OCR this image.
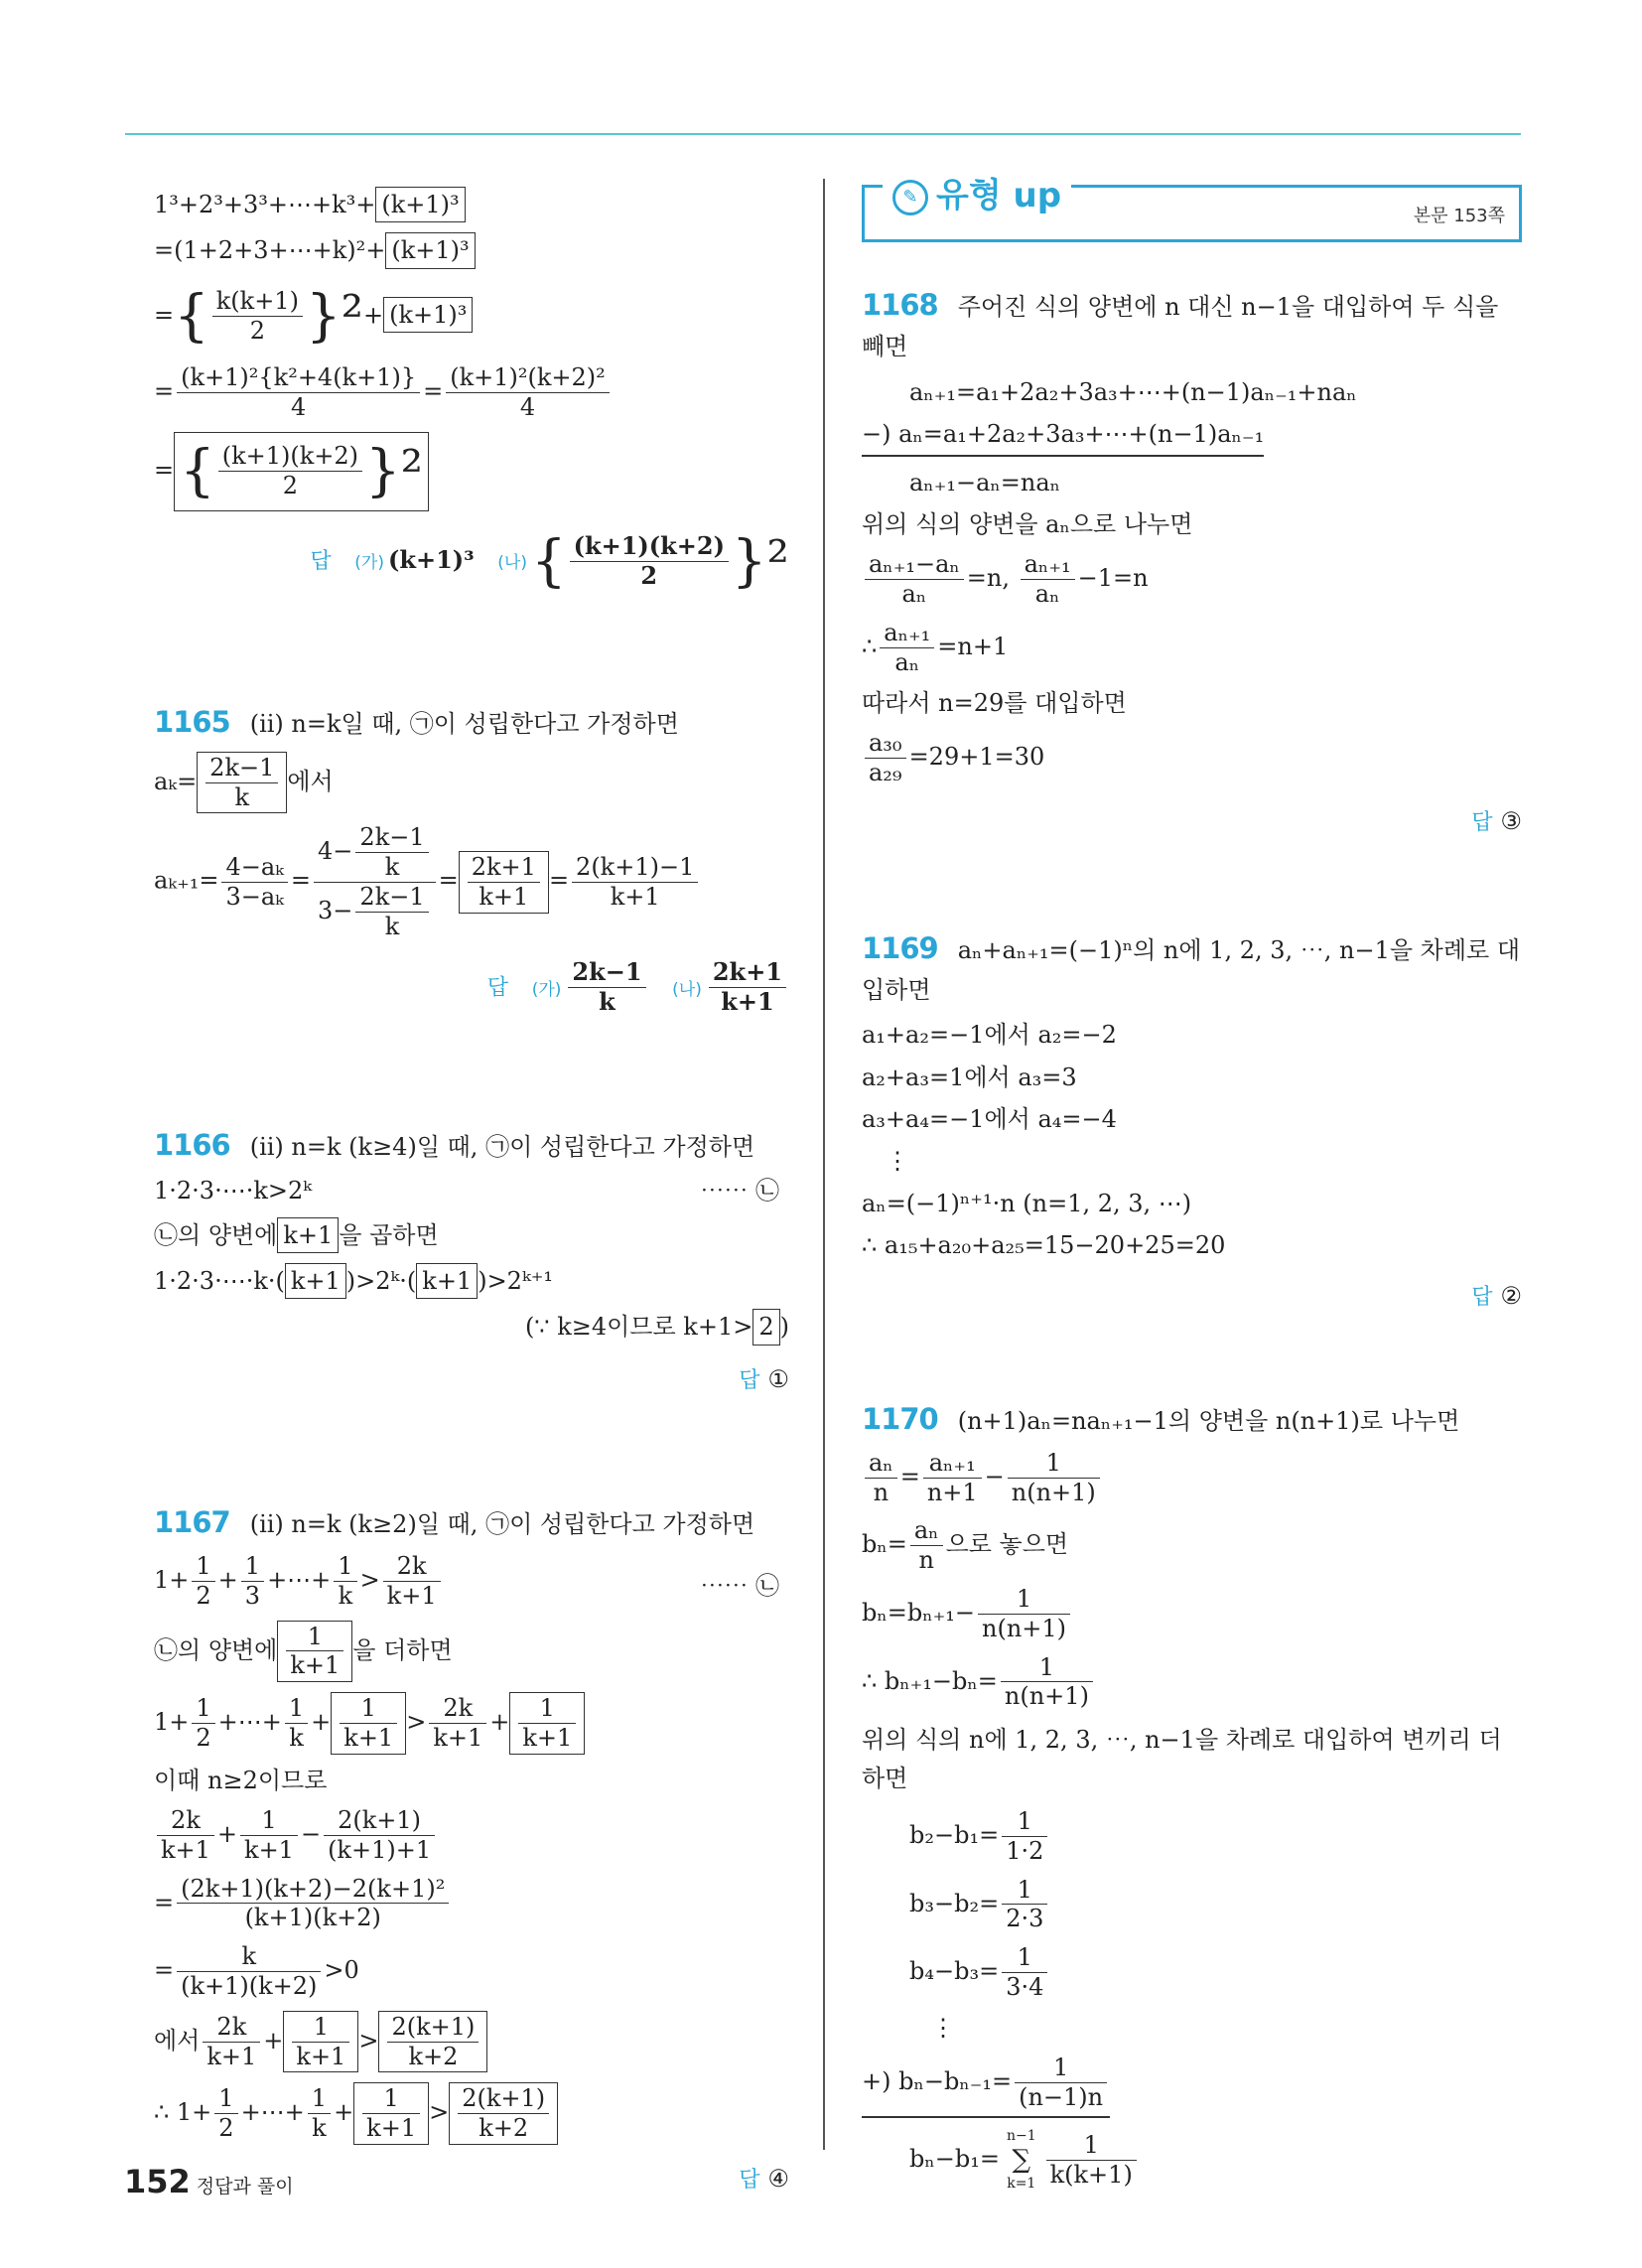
1³+2³+3³+⋯+k³+ (k+1)³
=(1+2+3+⋯+k)²+ (k+1)³
={ $\frac{k(k+1)}{2} \}^2+ (k+1)^3$
= $\frac{\text{(k+1)²\{k²+4(k+1)\}}}{4} = \frac{\text{(k+1)²(k+2)²}}{4}$
= { $\frac{(k+1)(k+2)}{2} \}^2$
답 (가) (k+1)³ (나){ $\frac{(k+1)(k+2)}{2} \}^2$
1165 (ⅱ) n=k일 때, ㉠이 성립한다고 가정하면
$a_k= \frac{2k-1}{k}$ 에서
$a_{k+1}= \frac{\text{4−aₖ}}{\text{3−aₖ}} = \frac{4- \frac{2k-1}{k}}{3- \frac{2k-1}{k}} = \frac{2k+1}{k+1} = \frac{2(k+1)-1}{k+1}$
답 (가) $\frac{2k-1}{k}$ (나) $\frac{2k+1}{k+1}$
1166 (ⅱ) n=k (k≥4)일 때, ㉠이 성립한다고 가정하면
1·2·3·⋯·k>2ᵏ	⋯⋯ ㉡
㉡의 양변에 k+1 을 곱하면
1·2·3·⋯·k·( k+1 )>2ᵏ·( k+1 )>2ᵏ⁺¹
(∵ k≥4이므로 k+1> 2 )
답 ①
1167 (ⅱ) n=k (k≥2)일 때, ㉠이 성립한다고 가정하면
$1+ \frac{1}{2} + \frac{1}{3}$ +⋯+ $\frac{1}{k} > \frac{2k}{k+1}$	⋯⋯ ㉡
㉡의 양변에 $\frac{1}{k+1}$ 을 더하면
$1+ \frac{1}{2}$ +⋯+ $\frac{1}{k} + \frac{1}{k+1} > \frac{2k}{k+1} + \frac{1}{k+1}$
이때 n≥2이므로
$\frac{2k}{k+1} + \frac{1}{k+1} - \frac{2(k+1)}{(k+1)+1}$
= $\frac{\text{(2k+1)(k+2)−2(k+1)²}}{(k+1)(k+2)}$
= $\frac{k}{(k+1)(k+2)} >0$
에서 $\frac{2k}{k+1} + \frac{1}{k+1} > \frac{2(k+1)}{k+2}$
∴ $1+ \frac{1}{2}$ +⋯+ $\frac{1}{k} + \frac{1}{k+1} > \frac{2(k+1)}{k+2}$
답 ④
✎ 유형 up
본문 153쪽
1168 주어진 식의 양변에 n 대신 n−1을 대입하여 두 식을 빼면
aₙ₊₁=a₁+2a₂+3a₃+⋯+(n−1)aₙ₋₁+naₙ
−) aₙ=a₁+2a₂+3a₃+⋯+(n−1)aₙ₋₁
aₙ₊₁−aₙ=naₙ
위의 식의 양변을 aₙ으로 나누면
$\frac{\text{aₙ₊₁−aₙ}}{\text{aₙ}} =n$, $\frac{\text{aₙ₊₁}}{\text{aₙ}} -1=n$
∴ $\frac{\text{aₙ₊₁}}{\text{aₙ}} =n+1$
따라서 n=29를 대입하면
$\frac{\text{a₃₀}}{\text{a₂₉}} =29+1=30$
답 ③
1169 aₙ+aₙ₊₁=(−1)ⁿ의 n에 1, 2, 3, ⋯, n−1을 차례로 대입하면
a₁+a₂=−1에서 a₂=−2
a₂+a₃=1에서 a₃=3
a₃+a₄=−1에서 a₄=−4
⋮
aₙ=(−1)ⁿ⁺¹·n (n=1, 2, 3, ⋯)
∴ a₁₅+a₂₀+a₂₅=15−20+25=20
답 ②
1170 (n+1)aₙ=naₙ₊₁−1의 양변을 n(n+1)로 나누면
$\frac{\text{aₙ}}{n} = \frac{\text{aₙ₊₁}}{n+1} - \frac{1}{n(n+1)}$
$b_n= \frac{\text{aₙ}}{n}$ 으로 놓으면
$b_n=b_{n+1}- \frac{1}{n(n+1)}$
∴ $b_{n+1}-b_n= \frac{1}{n(n+1)}$
위의 식의 n에 1, 2, 3, ⋯, n−1을 차례로 대입하여 변끼리 더하면
$b_2-b_1= \frac{1}{1\cdot 2}$
$b_3-b_2= \frac{1}{2\cdot 3}$
$b_4-b_3= \frac{1}{3\cdot 4}$
⋮
+) $b_n-b_{n-1}= \frac{1}{(n-1)n}$
bₙ−b₁=
n−1
∑
$k=1 \frac{1}{k(k+1)}$
152 정답과 풀이
